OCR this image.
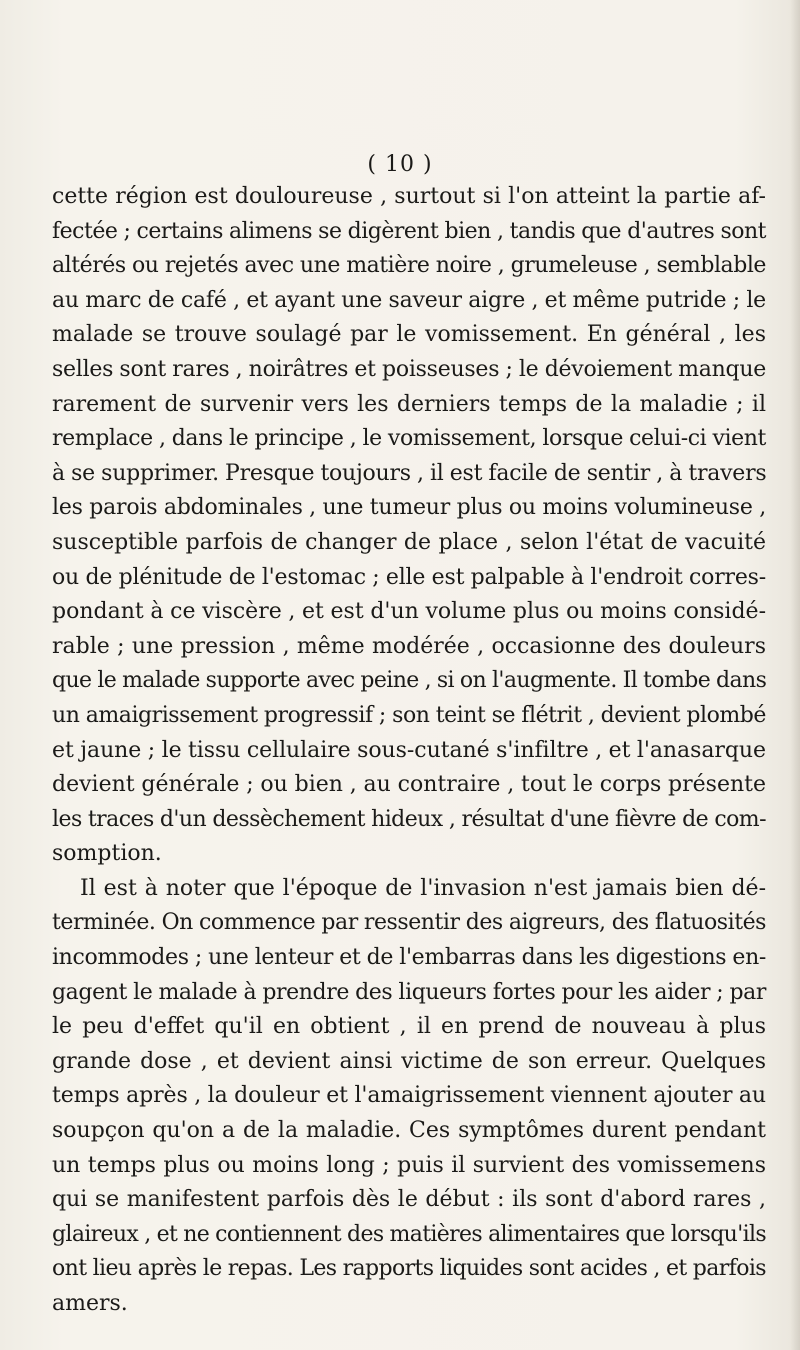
( 10 )
cette région est douloureuse , surtout si l'on atteint la partie af-
fectée ; certains alimens se digèrent bien , tandis que d'autres sont
altérés ou rejetés avec une matière noire , grumeleuse , semblable
au marc de café , et ayant une saveur aigre , et même putride ; le
malade se trouve soulagé par le vomissement. En général , les
selles sont rares , noirâtres et poisseuses ; le dévoiement manque
rarement de survenir vers les derniers temps de la maladie ; il
remplace , dans le principe , le vomissement, lorsque celui-ci vient
à se supprimer. Presque toujours , il est facile de sentir , à travers
les parois abdominales , une tumeur plus ou moins volumineuse ,
susceptible parfois de changer de place , selon l'état de vacuité
ou de plénitude de l'estomac ; elle est palpable à l'endroit corres-
pondant à ce viscère , et est d'un volume plus ou moins considé-
rable ; une pression , même modérée , occasionne des douleurs
que le malade supporte avec peine , si on l'augmente. Il tombe dans
un amaigrissement progressif ; son teint se flétrit , devient plombé
et jaune ; le tissu cellulaire sous-cutané s'infiltre , et l'anasarque
devient générale ; ou bien , au contraire , tout le corps présente
les traces d'un dessèchement hideux , résultat d'une fièvre de com-
somption.
Il est à noter que l'époque de l'invasion n'est jamais bien dé-
terminée. On commence par ressentir des aigreurs, des flatuosités
incommodes ; une lenteur et de l'embarras dans les digestions en-
gagent le malade à prendre des liqueurs fortes pour les aider ; par
le peu d'effet qu'il en obtient , il en prend de nouveau à plus
grande dose , et devient ainsi victime de son erreur. Quelques
temps après , la douleur et l'amaigrissement viennent ajouter au
soupçon qu'on a de la maladie. Ces symptômes durent pendant
un temps plus ou moins long ; puis il survient des vomissemens
qui se manifestent parfois dès le début : ils sont d'abord rares ,
glaireux , et ne contiennent des matières alimentaires que lorsqu'ils
ont lieu après le repas. Les rapports liquides sont acides , et parfois
amers.
